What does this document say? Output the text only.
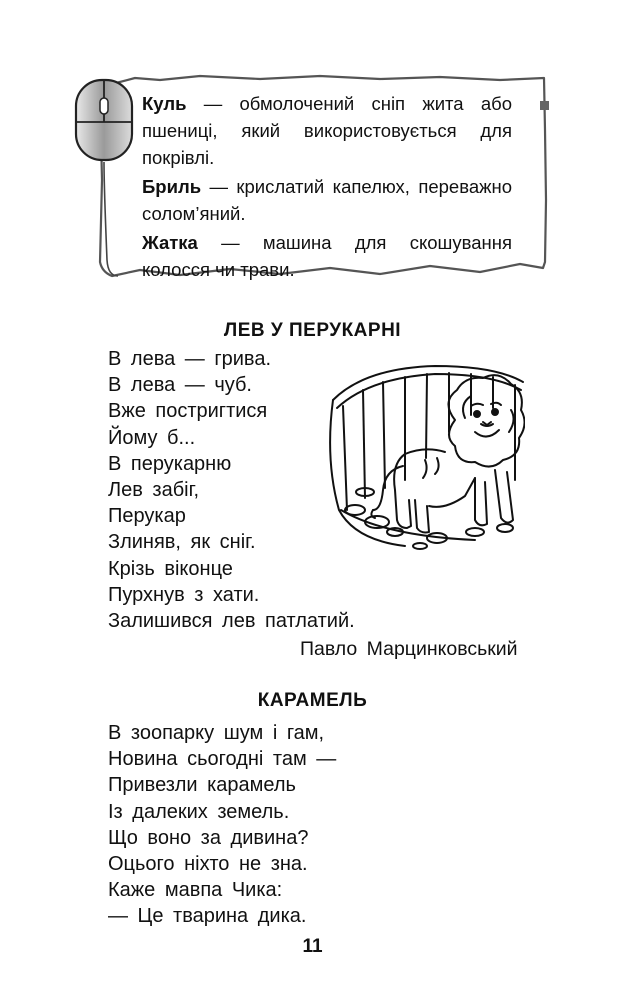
Куль — обмолочений сніп жита або пшениці, який використовується для покрівлі.

Бриль — крислатий капелюх, переважно солом’яний.

Жатка — машина для скошування колосся чи трави.

ЛЕВ У ПЕРУКАРНІ
В лева — грива.
В лева — чуб.
Вже постригтися
Йому б...
В перукарню
Лев забіг,
Перукар
Злиняв, як сніг.
Крізь віконце
Пурхнув з хати.
Залишився лев патлатий.
Павло Марцинковський
КАРАМЕЛЬ
В зоопарку шум і гам,
Новина сьогодні там —
Привезли карамель
Із далеких земель.
Що воно за дивина?
Оцього ніхто не зна.
Каже мавпа Чика:
— Це тварина дика.
11
